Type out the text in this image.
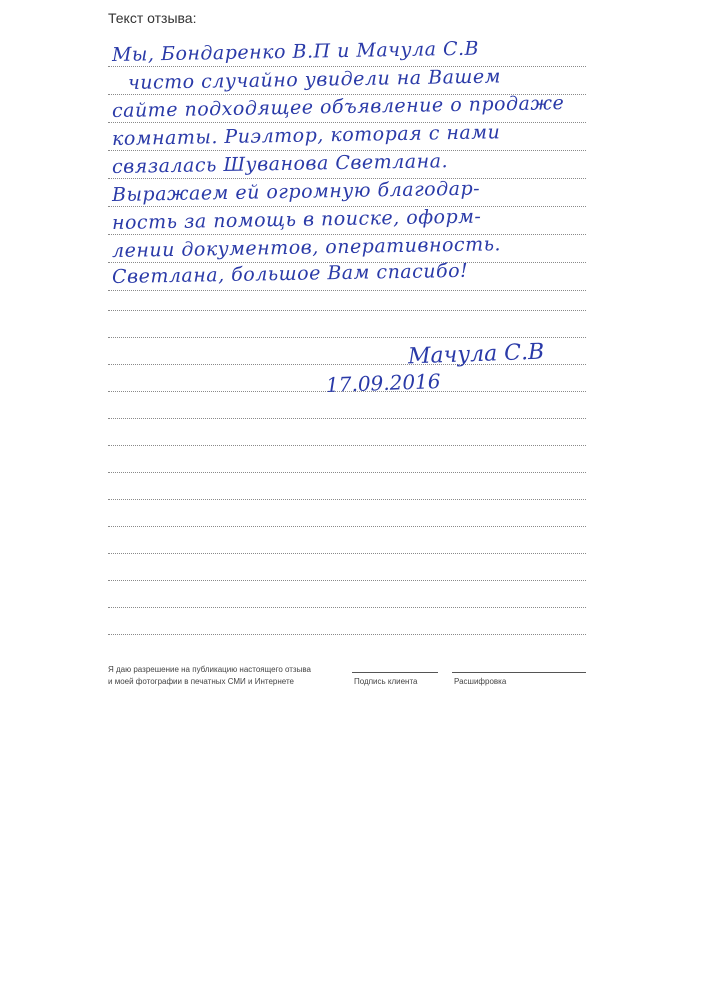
Текст отзыва:
Мы, Бондаренко В.П и Мачула С.В
чисто случайно увидели на Вашем
сайте подходящее объявление о продаже
комнаты. Риэлтор, которая с нами
связалась Шуванова Светлана.
Выражаем ей огромную благодар-
ность за помощь в поиске, оформ-
лении документов, оперативность.
Светлана, большое Вам спасибо!
Мачула С.В
17.09.2016
Я даю разрешение на публикацию настоящего отзыва
и моей фотографии в печатных СМИ и Интернете	Подпись клиента	Расшифровка
